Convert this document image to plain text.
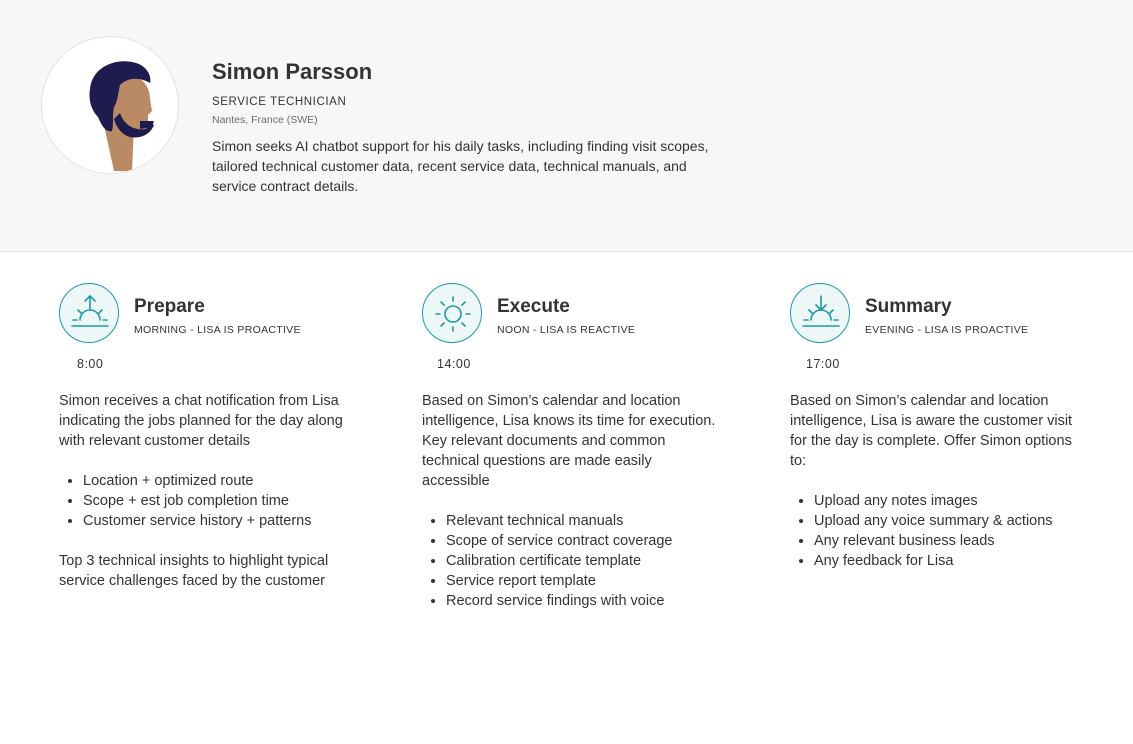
Simon Parsson
SERVICE TECHNICIAN
Nantes, France (SWE)
Simon seeks AI chatbot support for his daily tasks, including finding visit scopes, tailored technical customer data, recent service data, technical manuals, and service contract details.
Prepare
MORNING - LISA IS PROACTIVE
8:00

Simon receives a chat notification from Lisa indicating the jobs planned for the day along with relevant customer details

• Location + optimized route
• Scope + est job completion time
• Customer service history + patterns

Top 3 technical insights to highlight typical service challenges faced by the customer

Execute
NOON - LISA IS REACTIVE
14:00

Based on Simon’s calendar and location intelligence, Lisa knows its time for execution. Key relevant documents and common technical questions are made easily accessible

• Relevant technical manuals
• Scope of service contract coverage
• Calibration certificate template
• Service report template
• Record service findings with voice
Summary
EVENING - LISA IS PROACTIVE
17:00

Based on Simon’s calendar and location intelligence, Lisa is aware the customer visit for the day is complete. Offer Simon options to:

• Upload any notes images
• Upload any voice summary & actions
• Any relevant business leads
• Any feedback for Lisa
